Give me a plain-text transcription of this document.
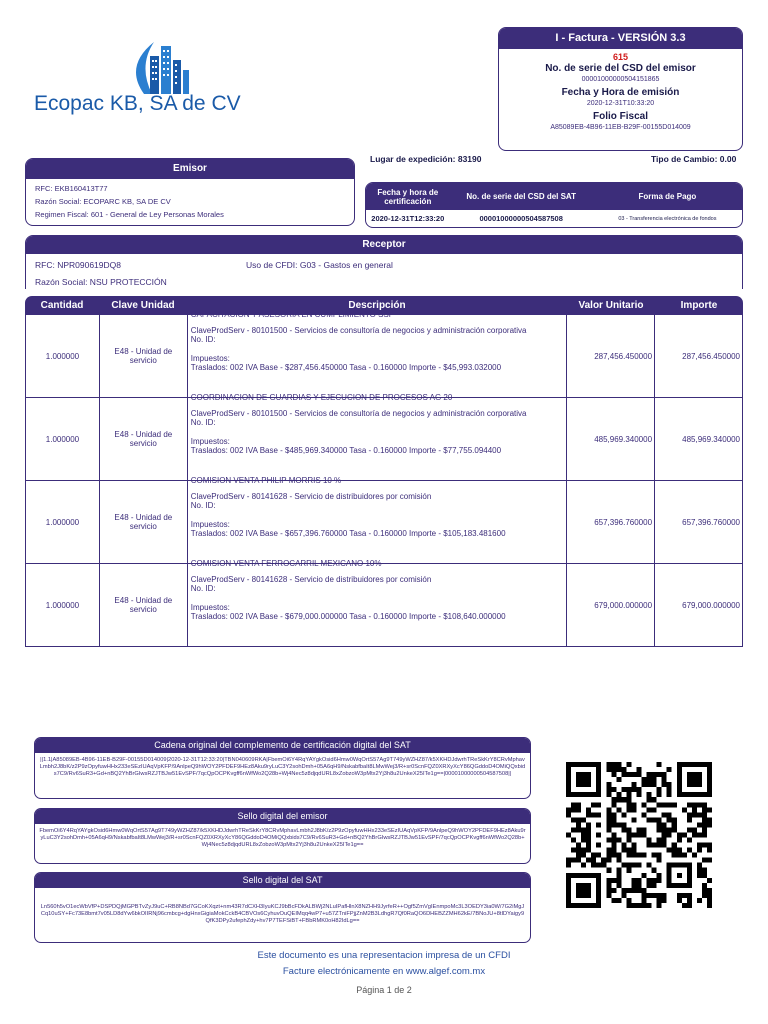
Ecopac KB, SA de CV
I - Factura - VERSIÓN 3.3
615
No. de serie del CSD del emisor
00001000000504151865
Fecha y Hora de emisión
2020-12-31T10:33:20
Folio Fiscal
A85089EB-4B96-11EB-B29F-00155D014009
Emisor
RFC: EKB160413T77
Razón Social: ECOPARC KB, SA DE CV
Regimen Fiscal: 601 - General de Ley Personas Morales
Lugar de expedición: 83190	Tipo de Cambio: 0.00
Fecha y hora de certificación	No. de serie del CSD del SAT	Forma de Pago
2020-12-31T12:33:20	00001000000504587508	03 - Transferencia electrónica de fondos
Receptor
RFC: NPR090619DQ8	Uso de CFDI: G03 - Gastos en general
Razón Social: NSU PROTECCIÓN
Cantidad	Clave Unidad	Descripción	Valor Unitario	Importe
1.000000	E48 - Unidad de servicio	CAPACITACION Y ASESORIA EN CUMPLIMIENTO SSP
ClaveProdServ - 80101500 - Servicios de consultoría de negocios y administración corporativa
No. ID:
Impuestos:
Traslados: 002 IVA Base - $287,456.450000 Tasa - 0.160000 Importe - $45,993.032000	287,456.450000	287,456.450000
1.000000	E48 - Unidad de servicio	COORDINACION DE GUARDIAS Y EJECUCION DE PROCESOS AG 20
ClaveProdServ - 80101500 - Servicios de consultoría de negocios y administración corporativa
No. ID:
Impuestos:
Traslados: 002 IVA Base - $485,969.340000 Tasa - 0.160000 Importe - $77,755.094400	485,969.340000	485,969.340000
1.000000	E48 - Unidad de servicio	COMISION VENTA PHILIP MORRIS 10 %
ClaveProdServ - 80141628 - Servicio de distribuidores por comisión
No. ID:
Impuestos:
Traslados: 002 IVA Base - $657,396.760000 Tasa - 0.160000 Importe - $105,183.481600	657,396.760000	657,396.760000
1.000000	E48 - Unidad de servicio	COMISION VENTA FERROCARRIL MEXICANO 10%
ClaveProdServ - 80141628 - Servicio de distribuidores por comisión
No. ID:
Impuestos:
Traslados: 002 IVA Base - $679,000.000000 Tasa - 0.160000 Importe - $108,640.000000	679,000.000000	679,000.000000
Cadena original del complemento de certificación digital del SAT
||1.1|A85089EB-4B96-11EB-B29F-00155D014009|2020-12-31T12:33:20|TBN040609RKA|FbemOi6Y4RqYAYgkOsid6Hmw0WqOrtS57Ag9T749yWZHZ87/k5XKHDJdwrhTReSkKrY8CRvMphavLmbh2J8bK/z2P9zOpyfuwHHx233eSEzIUAqVpKFP/9AnlpeQ9hWOY2PFDEF9HEz8Aku9ryLuC3Y2sohDmh+05A6qH9/NskabfbaIt8LMwWej3/R+sr0ScnFQZ0XRXyXcY86QGddoD4OMiQQxbids7C9/Rv6SuR3+Gd+nBQ2YhBrGIwsRZJTBJw51EvSPF/7qcQpOCPKvgff6nWfWo2Q28b+Wj4Nec5z8djqdURL8xZobzoW3pMtx2Yj3h8u2UnkeX25ITe1g==|00001000000504587508||
Sello digital del emisor
FbemOi6Y4RqYAYgkOsid6Hmw0WqOrtS57Ag9T749yWZHZ87/k5XKHDJdwrhTReSkKrY8CRvMphavLmbh2J8bK/z2P9zOpyfuwHHx233eSEzIUAqVpKFP/9AnlpeQ9hWOY2PFDEF9HEz8Aku9ryLuC3Y2sohDmh+05A6qH9/NskabfbaIt8LMwWej3/R+sr0ScnFQZ0XRXyXcY86QGddoD4OMiQQxbids7C9/Rv6SuR3+Gd+nBQ2YhBrGIwsRZJTBJw51EvSPF/7qcQpOCPKvgff6nWfWo2Q28b+Wj4Nec5z8djqdURL8xZobzoW3pMtx2Yj3h8u2UnkeX25ITe1g==
Sello digital del SAT
Ln560h5vO1ecWbVfP+DSPDQjMGPBTvZyJ9uC+RB8NBd7GCoKXqzt+nm43R7dCXH3IyuKCJ9bBcFDkALBWj2NLuIPafHlnX8NZHH9JyrfeR++Ogf5ZmVgIEnmpoMc3L3OEDY3ia0W/7G2iMgJCq10uSY+Fc73E8bmt7v05LD8dYw6bkOIIRNj96cmbcg+dgHnxGigiaMokCckB4CBVOs6CyhuvOuQEIMqq4wP7+u57ZTniFPjjZnM2B3LdhgR7Qf0RaQO6DHEBZZMH62kE/7BNoJU+8tIDYaigy9QfK3DPy2ufephZdy+hv7P7TEFSiBT+FBbRMK0oH82IdLg==
Este documento es una representacion impresa de un CFDI
Facture electrónicamente en www.algef.com.mx
Página 1 de 2
